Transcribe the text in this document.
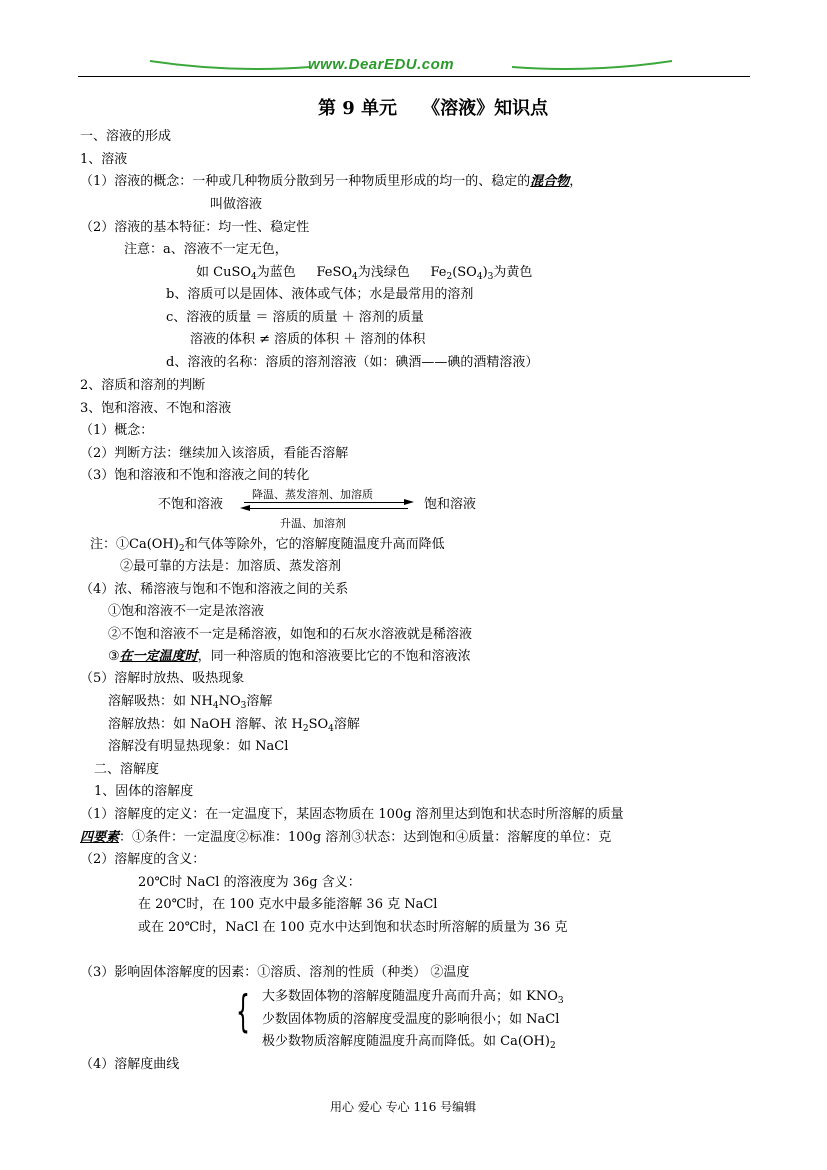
www.DearEDU.com
第 9 单元    《溶液》知识点
一、溶液的形成
1、溶液
（1）溶液的概念：一种或几种物质分散到另一种物质里形成的均一的、稳定的混合物，
叫做溶液
（2）溶液的基本特征：均一性、稳定性
注意：a、溶液不一定无色，
如 CuSO$_4$为蓝色 FeSO$_4$为浅绿色 $Fe_2(SO_4)_3$为黄色
b、溶质可以是固体、液体或气体；水是最常用的溶剂
c、溶液的质量 ＝ 溶质的质量 ＋ 溶剂的质量
溶液的体积 ≠ 溶质的体积 ＋ 溶剂的体积
d、溶液的名称：溶质的溶剂溶液（如：碘酒——碘的酒精溶液）
2、溶质和溶剂的判断
3、饱和溶液、不饱和溶液
（1）概念：
（2）判断方法：继续加入该溶质，看能否溶解
（3）饱和溶液和不饱和溶液之间的转化
不饱和溶液
降温、蒸发溶剂、加溶质
饱和溶液
升温、加溶剂
注：$①Ca(OH)_2$和气体等除外，它的溶解度随温度升高而降低
②最可靠的方法是：加溶质、蒸发溶剂
（4）浓、稀溶液与饱和不饱和溶液之间的关系
①饱和溶液不一定是浓溶液
②不饱和溶液不一定是稀溶液，如饱和的石灰水溶液就是稀溶液
③在一定温度时，同一种溶质的饱和溶液要比它的不饱和溶液浓
（5）溶解时放热、吸热现象
溶解吸热：如 $NH_4NO_3$溶解
溶解放热：如 NaOH 溶解、浓 $H_2SO_4$溶解
溶解没有明显热现象：如 NaCl
二、溶解度
1、固体的溶解度
（1）溶解度的定义：在一定温度下，某固态物质在 100g 溶剂里达到饱和状态时所溶解的质量
四要素：①条件：一定温度②标准：100g 溶剂③状态：达到饱和④质量：溶解度的单位：克
（2）溶解度的含义：
20℃时 NaCl 的溶液度为 36g 含义：
在 20℃时，在 100 克水中最多能溶解 36 克 NaCl
或在 20℃时，NaCl 在 100 克水中达到饱和状态时所溶解的质量为 36 克
（3）影响固体溶解度的因素：①溶质、溶剂的性质（种类） ②温度
{ 大多数固体物的溶解度随温度升高而升高；如 $KNO_3$
少数固体物质的溶解度受温度的影响很小；如 NaCl
极少数物质溶解度随温度升高而降低。如 $Ca(OH)_2$
（4）溶解度曲线
用心 爱心 专心 116 号编辑
